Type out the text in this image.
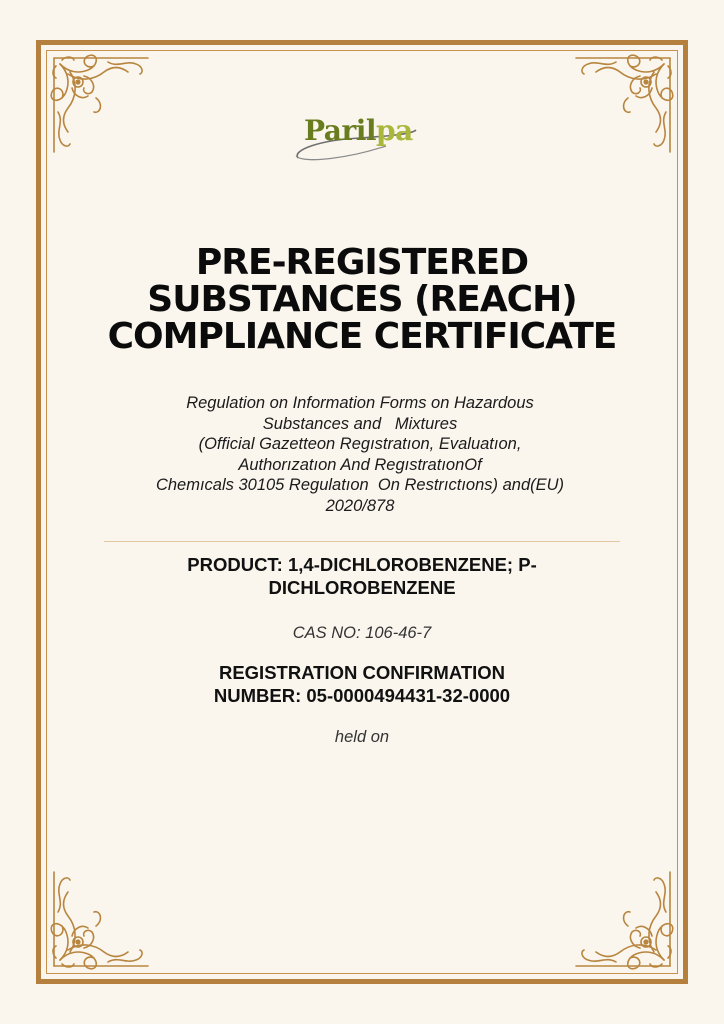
Parilpa
PRE-REGISTERED
SUBSTANCES (REACH)
COMPLIANCE CERTIFICATE
Regulation on Information Forms on Hazardous
Substances and   Mixtures
(Official Gazetteon Regıstratıon, Evaluatıon,
Authorızatıon And RegıstratıonOf
Chemıcals 30105 Regulatıon  On Restrıctıons) and(EU)
2020/878
PRODUCT: 1,4-DICHLOROBENZENE; P-
DICHLOROBENZENE
CAS NO: 106-46-7
REGISTRATION CONFIRMATION
NUMBER: 05-0000494431-32-0000
held on
